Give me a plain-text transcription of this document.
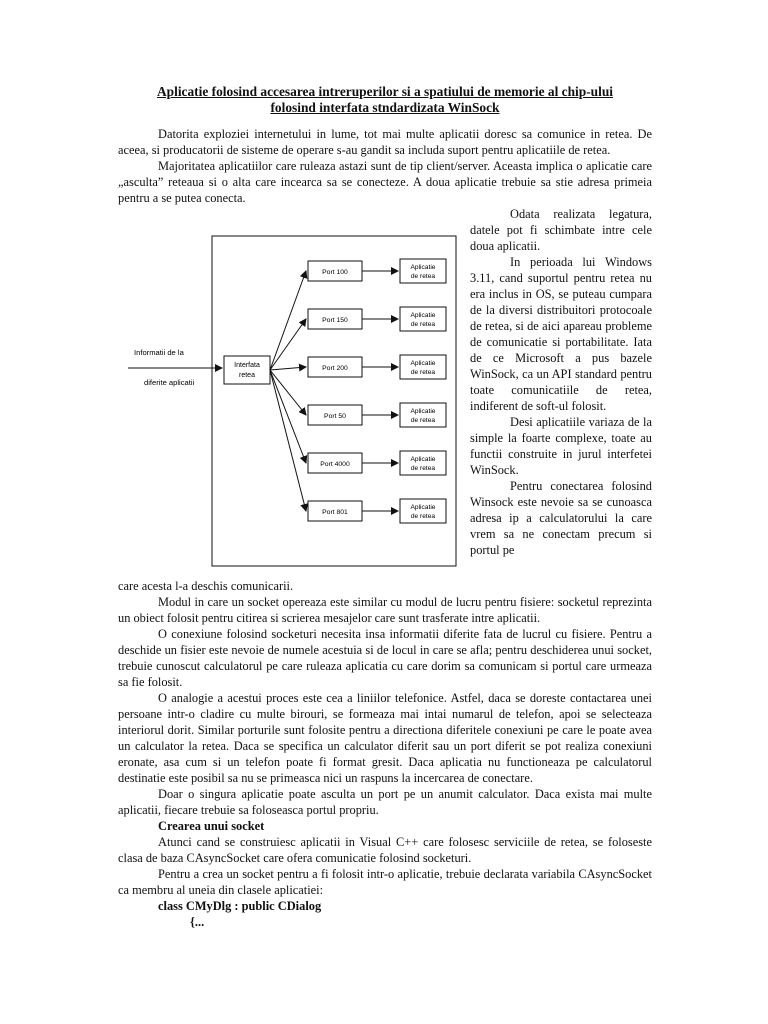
Aplicatie folosind accesarea intreruperilor si a spatiului de memorie al chip-ului
folosind interfata stndardizata WinSock

Datorita exploziei internetului in lume, tot mai multe aplicatii doresc sa comunice in retea. De aceea, si producatorii de sisteme de operare s-au gandit sa includa suport pentru aplicatiile de retea.

Majoritatea aplicatiilor care ruleaza astazi sunt de tip client/server. Aceasta implica o aplicatie care „asculta” reteaua si o alta care incearca sa se conecteze. A doua aplicatie trebuie sa stie adresa primeia pentru a se putea conecta.

Informatii de la
diferite aplicatii
Interfata
retea
Port 100
Aplicatie
de retea
Port 150
Aplicatie
de retea
Port 200
Aplicatie
de retea
Port 50
Aplicatie
de retea
Port 4000
Aplicatie
de retea
Port 801
Aplicatie
de retea

Odata realizata legatura, datele pot fi schimbate intre cele doua aplicatii.

In perioada lui Windows 3.11, cand suportul pentru retea nu era inclus in OS, se puteau cumpara de la diversi distribuitori protocoale de retea, si de aici apareau probleme de comunicatie si portabilitate. Iata de ce Microsoft a pus bazele WinSock, ca un API standard pentru toate comunicatiile de retea, indiferent de soft-ul folosit.

Desi aplicatiile variaza de la simple la foarte complexe, toate au functii construite in jurul interfetei WinSock.

Pentru conectarea folosind Winsock este nevoie sa se cunoasca adresa ip a calculatorului la care vrem sa ne conectam precum si portul pe

care acesta l-a deschis comunicarii.

Modul in care un socket opereaza este similar cu modul de lucru pentru fisiere: socketul reprezinta un obiect folosit pentru citirea si scrierea mesajelor care sunt trasferate intre aplicatii.

O conexiune folosind socketuri necesita insa informatii diferite fata de lucrul cu fisiere. Pentru a deschide un fisier este nevoie de numele acestuia si de locul in care se afla; pentru deschiderea unui socket, trebuie cunoscut calculatorul pe care ruleaza aplicatia cu care dorim sa comunicam si portul care urmeaza sa fie folosit.

O analogie a acestui proces este cea a liniilor telefonice. Astfel, daca se doreste contactarea unei persoane intr-o cladire cu multe birouri, se formeaza mai intai numarul de telefon, apoi se selecteaza interiorul dorit. Similar porturile sunt folosite pentru a directiona diferitele conexiuni pe care le poate avea un calculator la retea. Daca se specifica un calculator diferit sau un port diferit se pot realiza conexiuni eronate, asa cum si un telefon poate fi format gresit. Daca aplicatia nu functioneaza pe calculatorul destinatie este posibil sa nu se primeasca nici un raspuns la incercarea de conectare.

Doar o singura aplicatie poate asculta un port pe un anumit calculator. Daca exista mai multe aplicatii, fiecare trebuie sa foloseasca portul propriu.

Crearea unui socket

Atunci cand se construiesc aplicatii in Visual C++ care folosesc serviciile de retea, se foloseste clasa de baza CAsyncSocket care ofera comunicatie folosind socketuri.

Pentru a crea un socket pentru a fi folosit intr-o aplicatie, trebuie declarata variabila CAsyncSocket ca membru al uneia din clasele aplicatiei:

class CMyDlg : public CDialog

{...
